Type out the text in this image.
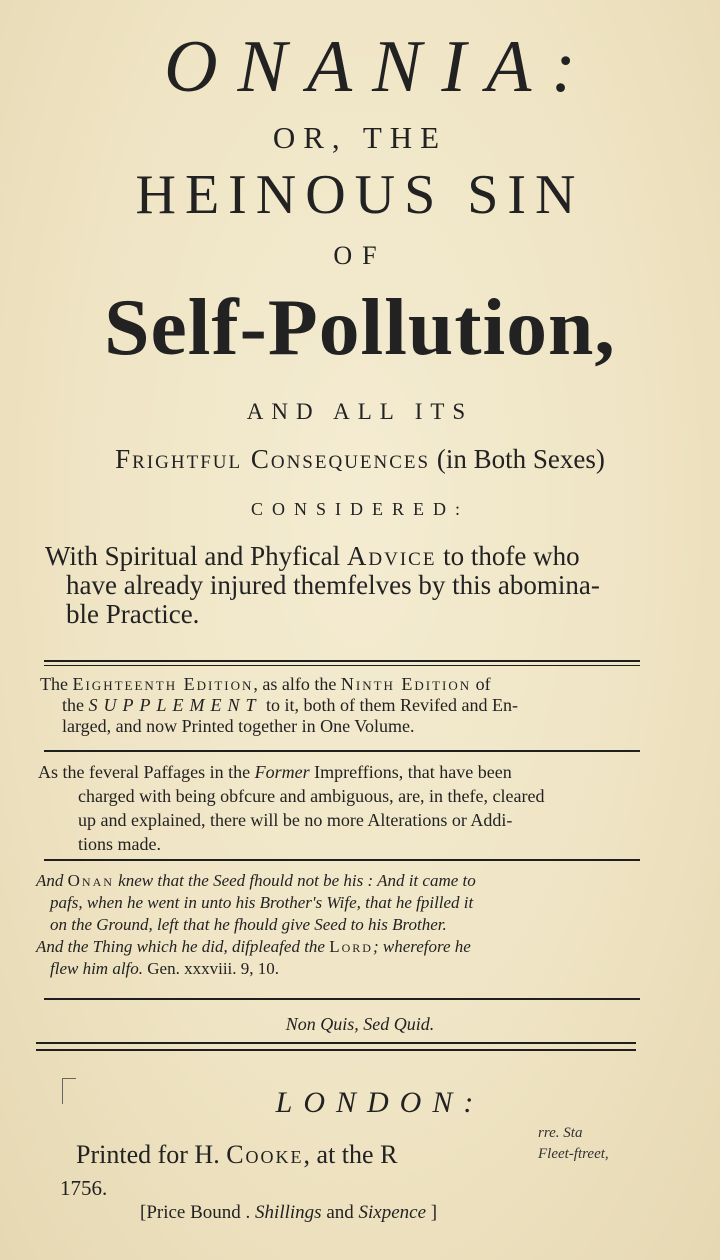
ONANIA:
OR, THE
HEINOUS SIN
OF
Self-Pollution,
AND ALL ITS
Frightful Consequences (in Both Sexes)
CONSIDERED:
With Spiritual and Phyfical Advice to thofe who
have already injured themfelves by this abomina-
ble Practice.
The Eighteenth Edition, as alfo the Ninth Edition of
the SUPPLEMENT to it, both of them Revifed and En-
larged, and now Printed together in One Volume.
As the feveral Paffages in the Former Impreffions, that have been
charged with being obfcure and ambiguous, are, in thefe, cleared
up and explained, there will be no more Alterations or Addi-
tions made.
And Onan knew that the Seed fhould not be his : And it came to
pafs, when he went in unto his Brother's Wife, that he fpilled it
on the Ground, left that he fhould give Seed to his Brother.
And the Thing which he did, difpleafed the Lord; wherefore he
flew him alfo. Gen. xxxviii. 9, 10.
Non Quis, Sed Quid.
LONDON:
Printed for H. Cooke, at the R
rre. Sta
Fleet-ftreet,
1756.
[Price Bound . Shillings and Sixpence ]
